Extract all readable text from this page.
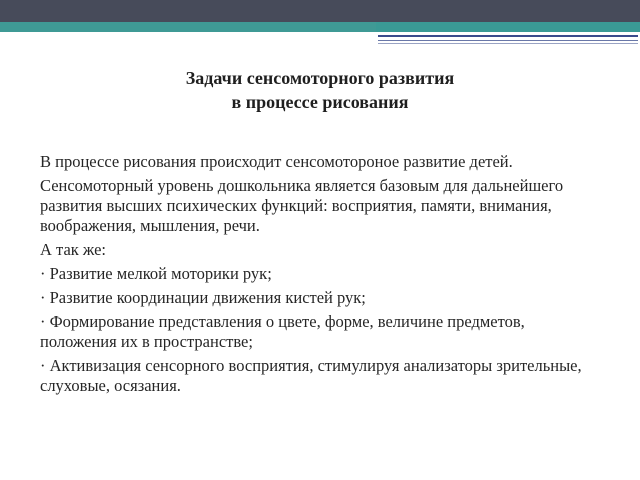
Задачи сенсомоторного развития
в процессе рисования

В процессе рисования происходит сенсомотороное развитие детей.

Сенсомоторный уровень дошкольника является базовым для дальнейшего развития высших психических функций: восприятия, памяти, внимания, воображения, мышления, речи.

А так же:

· Развитие мелкой моторики рук;

· Развитие координации движения кистей рук;

· Формирование представления о цвете, форме, величине предметов, положения их в пространстве;

· Активизация сенсорного восприятия, стимулируя анализаторы зрительные, слуховые, осязания.
